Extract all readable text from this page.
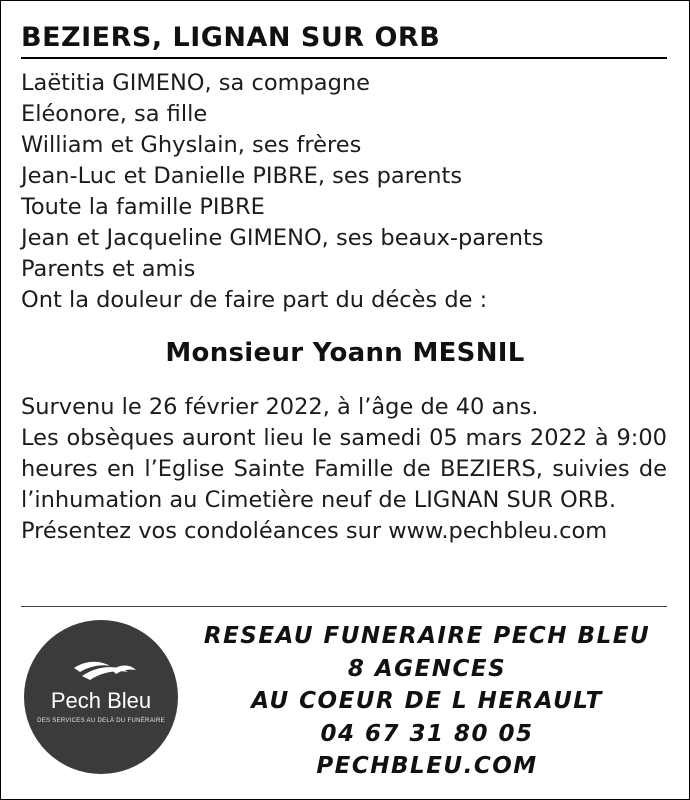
BEZIERS, LIGNAN SUR ORB
Laëtitia GIMENO, sa compagne
Eléonore, sa fille
William et Ghyslain, ses frères
Jean-Luc et Danielle PIBRE, ses parents
Toute la famille PIBRE
Jean et Jacqueline GIMENO, ses beaux-parents
Parents et amis
Ont la douleur de faire part du décès de :
Monsieur Yoann MESNIL

Survenu le 26 février 2022, à l’âge de 40 ans.

Les obsèques auront lieu le samedi 05 mars 2022 à 9:00 heures en l’Eglise Sainte Famille de BEZIERS, suivies de l’inhumation au Cimetière neuf de LIGNAN SUR ORB.

Présentez vos condoléances sur www.pechbleu.com

Pech Bleu
DES SERVICES AU DELÀ DU FUNÉRAIRE
RESEAU FUNERAIRE PECH BLEU
8 AGENCES
AU COEUR DE L HERAULT
04 67 31 80 05
PECHBLEU.COM
